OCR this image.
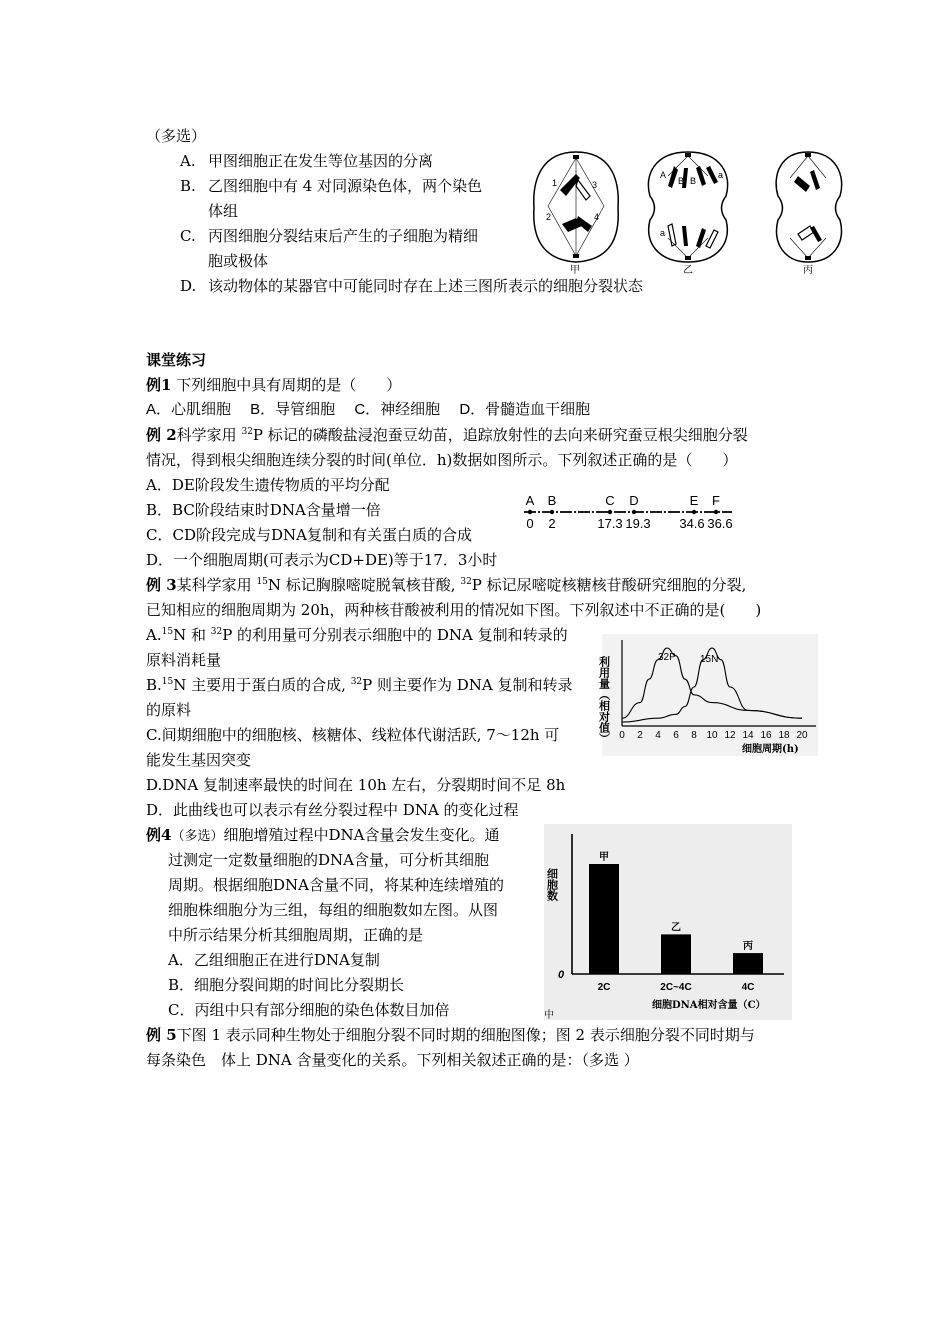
（多选）
A. 甲图细胞正在发生等位基因的分离
B. 乙图细胞中有 4 对同源染色体，两个染色
体组
C. 丙图细胞分裂结束后产生的子细胞为精细
胞或极体
D. 该动物体的某器官中可能同时存在上述三图所表示的细胞分裂状态
1
2
3
4
A
B B
a
a
甲	乙	丙
课堂练习
例1 下列细胞中具有周期的是（　　）
A．心肌细胞　 B．导管细胞　 C．神经细胞　 D．骨髓造血干细胞
例 2科学家用 $^{32}$P 标记的磷酸盐浸泡蚕豆幼苗，追踪放射性的去向来研究蚕豆根尖细胞分裂
情况，得到根尖细胞连续分裂的时间(单位．h)数据如图所示。下列叙述正确的是（　　）
A．DE阶段发生遗传物质的平均分配
B．BC阶段结束时DNA含量增一倍
C．CD阶段完成与DNA复制和有关蛋白质的合成
D．一个细胞周期(可表示为CD+DE)等于17．3小时
A B	C D	E F
0 2	17.3 19.3 34.6 36.6
例 3某科学家用 $^{15}$N 标记胸腺嘧啶脱氧核苷酸, $^{32}$P 标记尿嘧啶核糖核苷酸研究细胞的分裂,
已知相应的细胞周期为 20h，两种核苷酸被利用的情况如下图。下列叙述中不正确的是(　　)
A.$^{15}$N 和 $^{32}$P 的利用量可分别表示细胞中的 DNA 复制和转录的
原料消耗量
B.$^{15}$N 主要用于蛋白质的合成, $^{32}$P 则主要作为 DNA 复制和转录
的原料
C.间期细胞中的细胞核、核糖体、线粒体代谢活跃, 7～12h 可
能发生基因突变
D.DNA 复制速率最快的时间在 10h 左右，分裂期时间不足 8h
D．此曲线也可以表示有丝分裂过程中 DNA 的变化过程
利用量（相对值） 0 2 4 6 8 10 12 14 16 18 20
32P 15N
细胞周期(h)
例4（多选）细胞增殖过程中DNA含量会发生变化。通
过测定一定数量细胞的DNA含量，可分析其细胞
周期。根据细胞DNA含量不同，将某种连续增殖的
细胞株细胞分为三组，每组的细胞数如左图。从图
中所示结果分析其细胞周期，正确的是
A．乙组细胞正在进行DNA复制
B．细胞分裂间期的时间比分裂期长
C．丙组中只有部分细胞的染色体数目加倍
细胞数
0
甲
2C
乙
2C~4C
丙
4C
细胞DNA相对含量（C）
中
例 5下图 1 表示同种生物处于细胞分裂不同时期的细胞图像；图 2 表示细胞分裂不同时期与
每条染色　体上 DNA 含量变化的关系。下列相关叙述正确的是：（多选 ）
